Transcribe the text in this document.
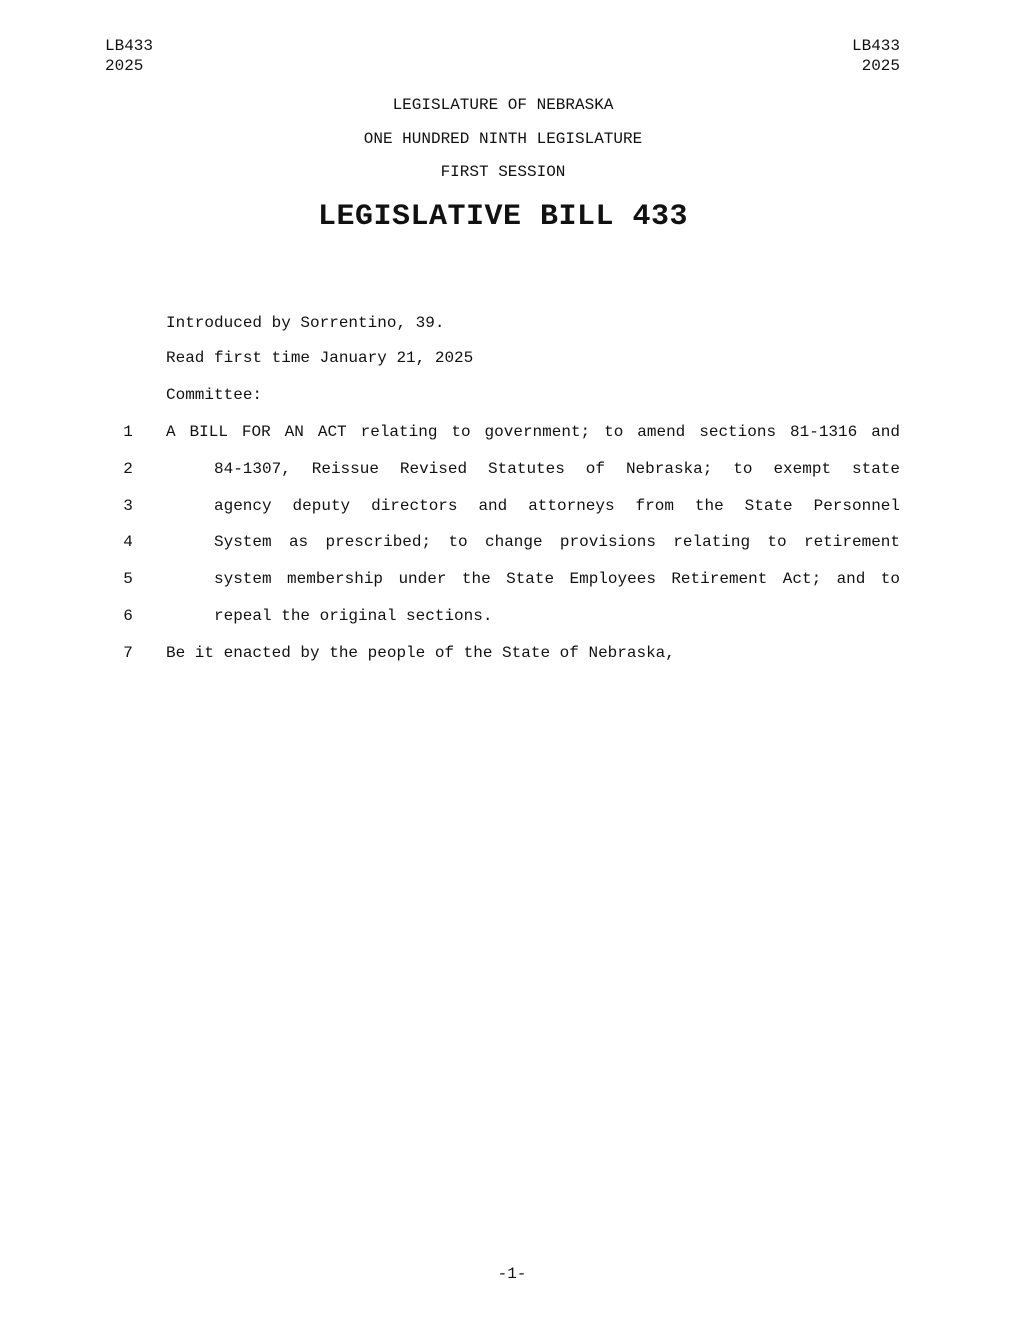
LB433
2025
LB433
2025
LEGISLATURE OF NEBRASKA
ONE HUNDRED NINTH LEGISLATURE
FIRST SESSION
LEGISLATIVE BILL 433
Introduced by Sorrentino, 39.
Read first time January 21, 2025
Committee:
1	A BILL FOR AN ACT relating to government; to amend sections 81-1316 and
2	84-1307, Reissue Revised Statutes of Nebraska; to exempt state
3	agency deputy directors and attorneys from the State Personnel
4	System as prescribed; to change provisions relating to retirement
5	system membership under the State Employees Retirement Act; and to
6	repeal the original sections.
7	Be it enacted by the people of the State of Nebraska,
-1-
